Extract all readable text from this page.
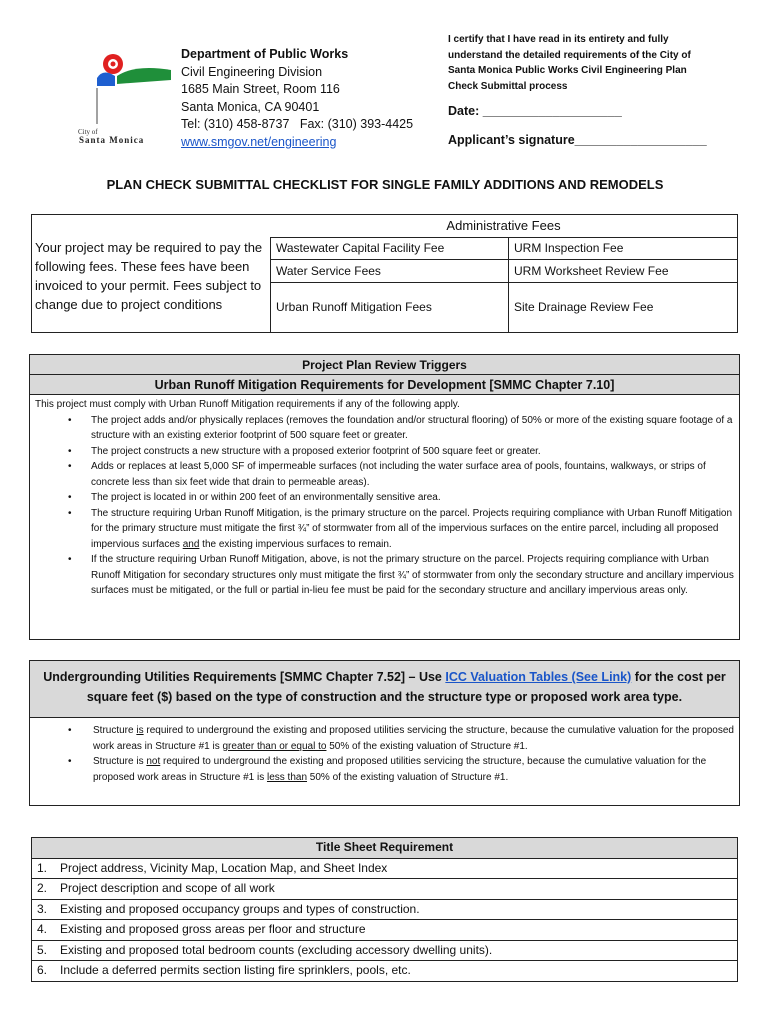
City of
Santa Monica
Department of Public Works
Civil Engineering Division
1685 Main Street, Room 116
Santa Monica, CA 90401
Tel: (310) 458-8737   Fax: (310) 393-4425
www.smgov.net/engineering
I certify that I have read in its entirety and fully understand the detailed requirements of the City of Santa Monica Public Works Civil Engineering Plan Check Submittal process
Date: ____________________
Applicant’s signature___________________
PLAN CHECK SUBMITTAL CHECKLIST FOR SINGLE FAMILY ADDITIONS AND REMODELS
Administrative Fees
Your project may be required to pay the following fees. These fees have been invoiced to your permit. Fees subject to change due to project conditions
Wastewater Capital Facility Fee	URM Inspection Fee
Water Service Fees	URM Worksheet Review Fee
Urban Runoff Mitigation Fees	Site Drainage Review Fee
Project Plan Review Triggers
Urban Runoff Mitigation Requirements for Development [SMMC Chapter 7.10]
This project must comply with Urban Runoff Mitigation requirements if any of the following apply.
• The project adds and/or physically replaces (removes the foundation and/or structural flooring) of 50% or more of the existing square footage of a structure with an existing exterior footprint of 500 square feet or greater.
• The project constructs a new structure with a proposed exterior footprint of 500 square feet or greater.
• Adds or replaces at least 5,000 SF of impermeable surfaces (not including the water surface area of pools, fountains, walkways, or strips of concrete less than six feet wide that drain to permeable areas).
• The project is located in or within 200 feet of an environmentally sensitive area.
• The structure requiring Urban Runoff Mitigation, is the primary structure on the parcel. Projects requiring compliance with Urban Runoff Mitigation for the primary structure must mitigate the first ¾” of stormwater from all of the impervious surfaces on the entire parcel, including all proposed impervious surfaces and the existing impervious surfaces to remain.
• If the structure requiring Urban Runoff Mitigation, above, is not the primary structure on the parcel. Projects requiring compliance with Urban Runoff Mitigation for secondary structures only must mitigate the first ¾” of stormwater from only the secondary structure and ancillary impervious surfaces must be mitigated, or the full or partial in-lieu fee must be paid for the secondary structure and ancillary impervious areas only.
Undergrounding Utilities Requirements [SMMC Chapter 7.52] – Use ICC Valuation Tables (See Link) for the cost per square feet ($) based on the type of construction and the structure type or proposed work area type.
• Structure is required to underground the existing and proposed utilities servicing the structure, because the cumulative valuation for the proposed work areas in Structure #1 is greater than or equal to 50% of the existing valuation of Structure #1.
• Structure is not required to underground the existing and proposed utilities servicing the structure, because the cumulative valuation for the proposed work areas in Structure #1 is less than 50% of the existing valuation of Structure #1.
Title Sheet Requirement
1. Project address, Vicinity Map, Location Map, and Sheet Index
2. Project description and scope of all work
3. Existing and proposed occupancy groups and types of construction.
4. Existing and proposed gross areas per floor and structure
5. Existing and proposed total bedroom counts (excluding accessory dwelling units).
6. Include a deferred permits section listing fire sprinklers, pools, etc.
